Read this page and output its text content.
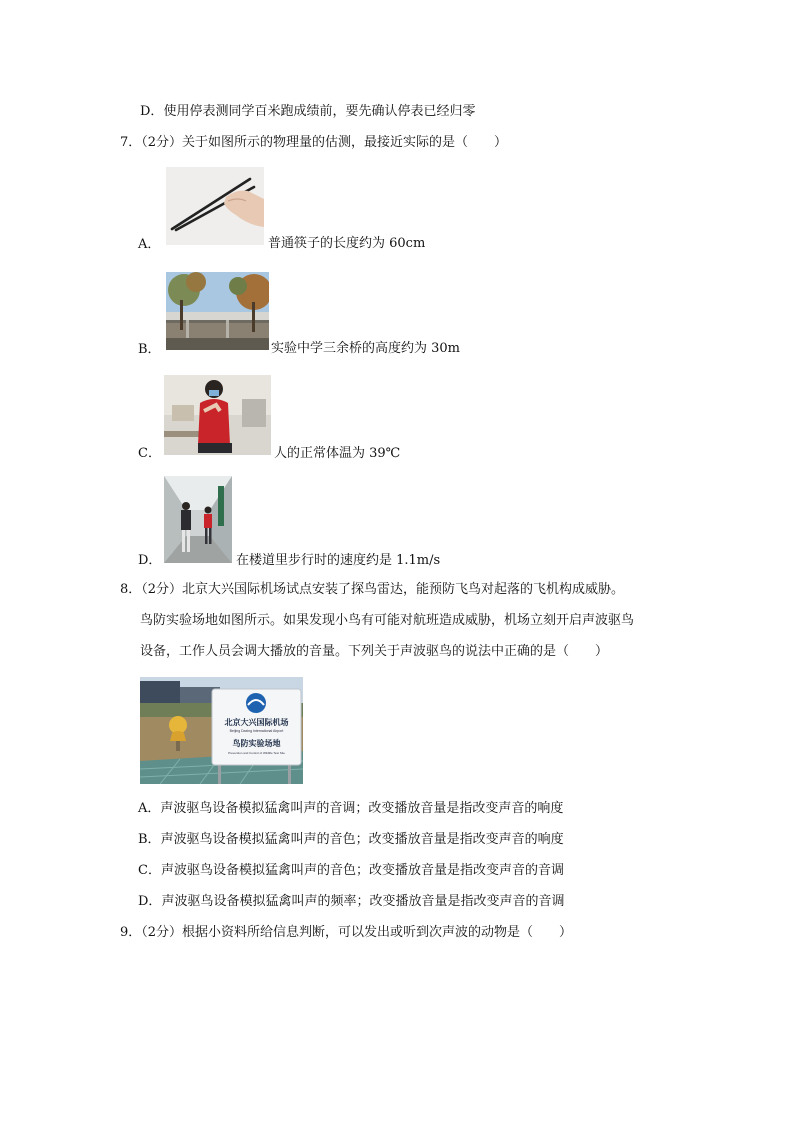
D．使用停表测同学百米跑成绩前，要先确认停表已经归零
7．（2分）关于如图所示的物理量的估测，最接近实际的是（　　）
A．	普通筷子的长度约为 60cm
B．	实验中学三余桥的高度约为 30m
C．	人的正常体温为 39℃
D．	在楼道里步行时的速度约是 1.1m/s
8．（2分）北京大兴国际机场试点安装了探鸟雷达，能预防飞鸟对起落的飞机构成威胁。
鸟防实验场地如图所示。如果发现小鸟有可能对航班造成威胁，机场立刻开启声波驱鸟
设备，工作人员会调大播放的音量。下列关于声波驱鸟的说法中正确的是（　　）
北京大兴国际机场
Beijing Daxing International Airport
鸟防实验场地
Prevention and Control of Wildlife Test Site
A．声波驱鸟设备模拟猛禽叫声的音调；改变播放音量是指改变声音的响度
B．声波驱鸟设备模拟猛禽叫声的音色；改变播放音量是指改变声音的响度
C．声波驱鸟设备模拟猛禽叫声的音色；改变播放音量是指改变声音的音调
D．声波驱鸟设备模拟猛禽叫声的频率；改变播放音量是指改变声音的音调
9．（2分）根据小资料所给信息判断，可以发出或听到次声波的动物是（　　）
